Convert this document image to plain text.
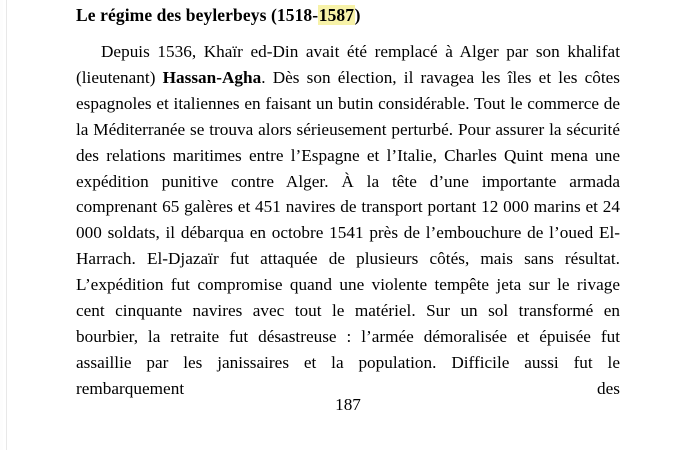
Le régime des beylerbeys (1518-1587)

Depuis 1536, Khaïr ed-Din avait été remplacé à Alger par son khalifat (lieutenant) Hassan-Agha. Dès son élection, il ravagea les îles et les côtes espagnoles et italiennes en faisant un butin considérable. Tout le commerce de la Méditerranée se trouva alors sérieusement perturbé. Pour assurer la sécurité des relations maritimes entre l’Espagne et l’Italie, Charles Quint mena une expédition punitive contre Alger. À la tête d’une importante armada comprenant 65 galères et 451 navires de transport portant 12 000 marins et 24 000 soldats, il débarqua en octobre 1541 près de l’embouchure de l’oued El-Harrach. El-Djazaïr fut attaquée de plusieurs côtés, mais sans résultat. L’expédition fut compromise quand une violente tempête jeta sur le rivage cent cinquante navires avec tout le matériel. Sur un sol transformé en bourbier, la retraite fut désastreuse : l’armée démoralisée et épuisée fut assaillie par les janissaires et la population. Difficile aussi fut le rembarquement des

187
